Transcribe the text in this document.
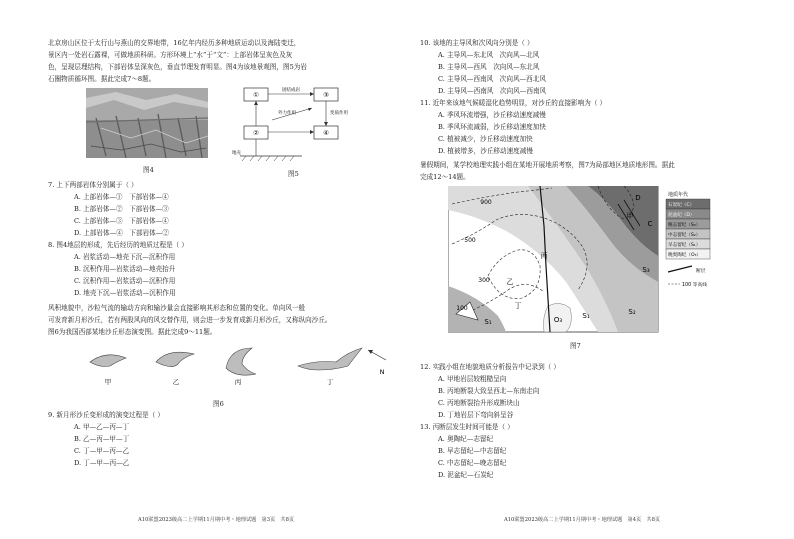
北京房山区位于太行山与燕山的交界地带，16亿年内经历多种地质运动以及海陆变迁，
景区内一处岩石露裸，可做地质科研。方形环境上“水”于“文”：上部岩体呈灰色及灰
色，呈现层理结构，下部岩体呈深灰色，垂直节理发育明显。图4为该地景观图，图5为岩
石圈物质循环图。据此完成7～8题。
图4
①	③
②	④
固结成岩
外力作用	变质作用
地壳
图5
7. 上下两部岩体分别属于（ ）
A. 上部岩体—①　下部岩体—④
B. 上部岩体—②　下部岩体—③
C. 上部岩体—③　下部岩体—④
D. 上部岩体—④　下部岩体—②
8. 图4地层的形成，先后经历的地质过程是（ ）
A. 岩浆活动—地壳下沉—沉积作用
B. 沉积作用—岩浆活动—地壳抬升
C. 沉积作用—岩浆活动—沉积作用
D. 地壳下沉—岩浆活动—沉积作用
风积地貌中，沙粒气流的输动方向和输沙量会直接影响其形态和位置的变化。单向风一般
可发育新月形沙丘，若有两股风向的风交替作用，则会进一步发育成新月形沙丘，又称纵向沙丘。
图6为我国西部某地沙丘形态演变图。据此完成9～11题。
甲	乙	丙	丁
N
图6
9. 新月形沙丘变形成的演变过程是（ ）
A. 甲—乙—丙—丁
B. 乙—丙—甲—丁
C. 丁—甲—丙—乙
D. 丁—甲—丙—乙
A10联盟2023级高二上学期11月期中考・地理试题　第3页　共8页
10. 该地的主导风和次风向分别是（ ）
A. 主导风—东北风　次向风—北风
B. 主导风—西风　次向风—东北风
C. 主导风—西南风　次向风—西北风
D. 主导风—西南风　次向风—西南风
11. 近年来该地气候暖湿化趋势明显，对沙丘的直接影响为（ ）
A. 季风环流增强，沙丘移动速度减慢
B. 季风环流减弱，沙丘移动速度加快
C. 植被减少，沙丘移动速度加快
D. 植被增多，沙丘移动速度减慢
暑假期间，某学校地理实践小组在某地开展地质考察，图7为局部地区地质地形图。据此
完成12～14题。
900
500
300
100
甲
乙
丙
丁
D
C
S₃
S₂
S₁
O₃
S₁
地质年代
石炭纪（C）
泥盆纪（D）
晚志留纪（S₃）
中志留纪（S₂）
早志留纪（S₁）
晚奥陶纪（O₃）
断层
100 等高线
图7
12. 实践小组在地貌地质分析报告中记录到（ ）
A. 甲地岩层较粗糙呈向
B. 丙地断裂大致呈西北—东南走向
C. 丙地断裂抬升形成断块山
D. 丁地岩层下弯向斜呈谷
13. 丙断层发生时间可能是（ ）
A. 奥陶纪—志留纪
B. 早志留纪—中志留纪
C. 中志留纪—晚志留纪
D. 泥盆纪—石炭纪
A10联盟2023级高二上学期11月期中考・地理试题　第4页　共8页
